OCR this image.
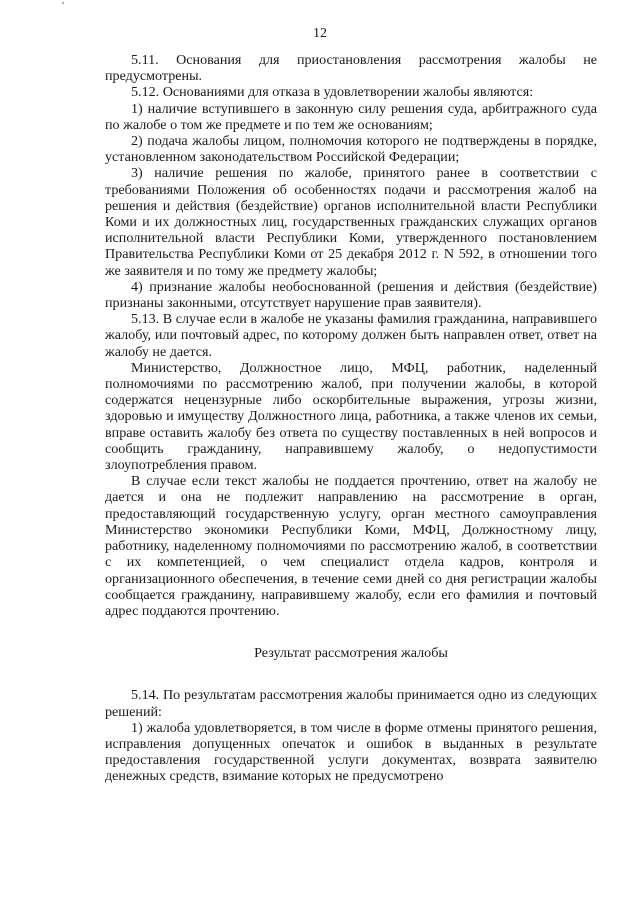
'
12

5.11. Основания для приостановления рассмотрения жалобы не предусмотрены.

5.12. Основаниями для отказа в удовлетворении жалобы являются:

1) наличие вступившего в законную силу решения суда, арбитражного суда по жалобе о том же предмете и по тем же основаниям;

2) подача жалобы лицом, полномочия которого не подтверждены в порядке, установленном законодательством Российской Федерации;

3) наличие решения по жалобе, принятого ранее в соответствии с требованиями Положения об особенностях подачи и рассмотрения жалоб на решения и действия (бездействие) органов исполнительной власти Республики Коми и их должностных лиц, государственных гражданских служащих органов исполнительной власти Республики Коми, утвержденного постановлением Правительства Республики Коми от 25 декабря 2012 г. N 592, в отношении того же заявителя и по тому же предмету жалобы;

4) признание жалобы необоснованной (решения и действия (бездействие) признаны законными, отсутствует нарушение прав заявителя).

5.13. В случае если в жалобе не указаны фамилия гражданина, направившего жалобу, или почтовый адрес, по которому должен быть направлен ответ, ответ на жалобу не дается.

Министерство, Должностное лицо, МФЦ, работник, наделенный полномочиями по рассмотрению жалоб, при получении жалобы, в которой содержатся нецензурные либо оскорбительные выражения, угрозы жизни, здоровью и имуществу Должностного лица, работника, а также членов их семьи, вправе оставить жалобу без ответа по существу поставленных в ней вопросов и сообщить гражданину, направившему жалобу, о недопустимости злоупотребления правом.

В случае если текст жалобы не поддается прочтению, ответ на жалобу не дается и она не подлежит направлению на рассмотрение в орган, предоставляющий государственную услугу, орган местного самоуправления Министерство экономики Республики Коми, МФЦ, Должностному лицу, работнику, наделенному полномочиями по рассмотрению жалоб, в соответствии с их компетенцией, о чем специалист отдела кадров, контроля и организационного обеспечения, в течение семи дней со дня регистрации жалобы сообщается гражданину, направившему жалобу, если его фамилия и почтовый адрес поддаются прочтению.

Результат рассмотрения жалобы

5.14. По результатам рассмотрения жалобы принимается одно из следующих решений:

1) жалоба удовлетворяется, в том числе в форме отмены принятого решения, исправления допущенных опечаток и ошибок в выданных в результате предоставления государственной услуги документах, возврата заявителю денежных средств, взимание которых не предусмотрено
